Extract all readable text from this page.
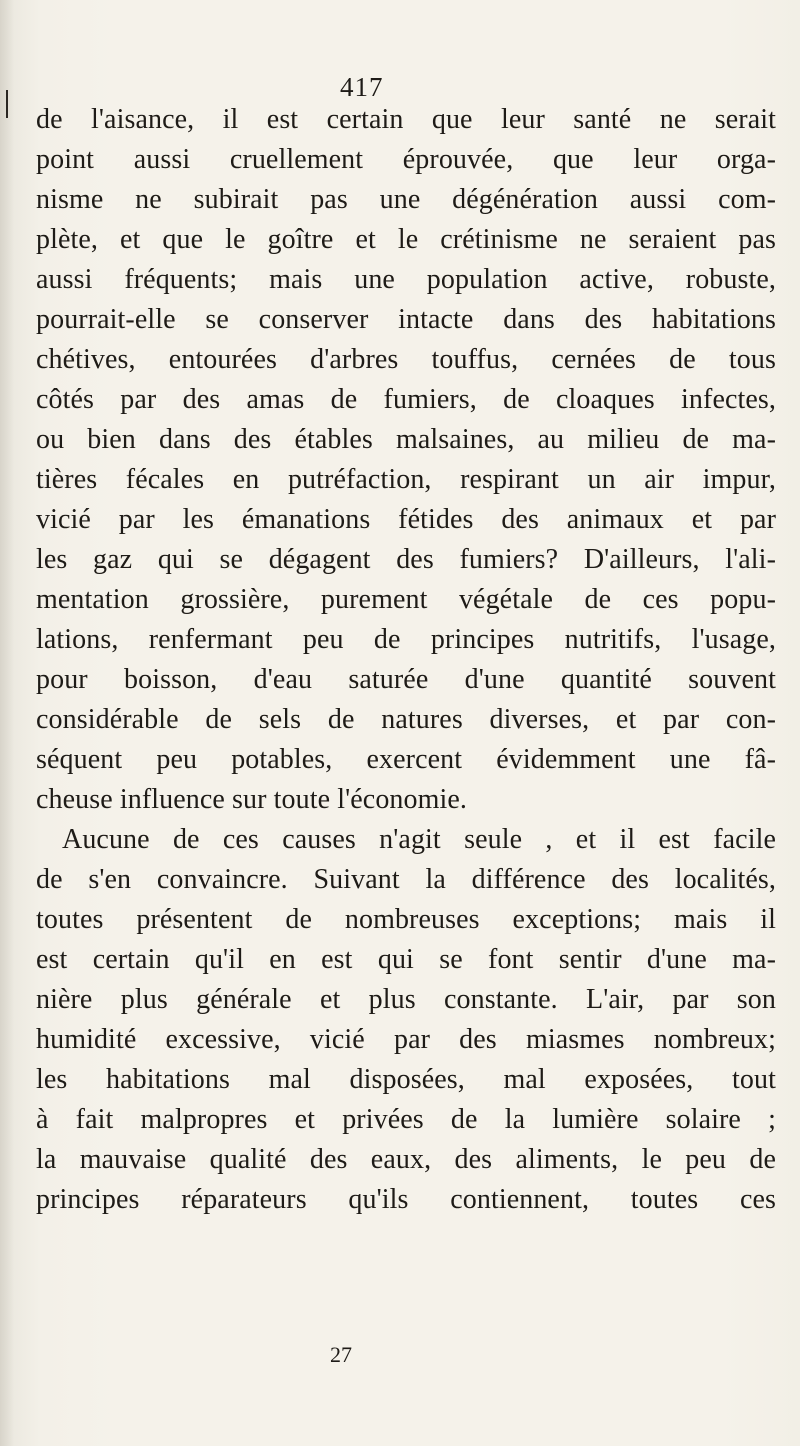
417
de l'aisance, il est certain que leur santé ne serait
point aussi cruellement éprouvée, que leur orga-
nisme ne subirait pas une dégénération aussi com-
plète, et que le goître et le crétinisme ne seraient pas
aussi fréquents; mais une population active, robuste,
pourrait-elle se conserver intacte dans des habitations
chétives, entourées d'arbres touffus, cernées de tous
côtés par des amas de fumiers, de cloaques infectes,
ou bien dans des étables malsaines, au milieu de ma-
tières fécales en putréfaction, respirant un air impur,
vicié par les émanations fétides des animaux et par
les gaz qui se dégagent des fumiers? D'ailleurs, l'ali-
mentation grossière, purement végétale de ces popu-
lations, renfermant peu de principes nutritifs, l'usage,
pour boisson, d'eau saturée d'une quantité souvent
considérable de sels de natures diverses, et par con-
séquent peu potables, exercent évidemment une fâ-
cheuse influence sur toute l'économie.
Aucune de ces causes n'agit seule , et il est facile
de s'en convaincre. Suivant la différence des localités,
toutes présentent de nombreuses exceptions; mais il
est certain qu'il en est qui se font sentir d'une ma-
nière plus générale et plus constante. L'air, par son
humidité excessive, vicié par des miasmes nombreux;
les habitations mal disposées, mal exposées, tout
à fait malpropres et privées de la lumière solaire ;
la mauvaise qualité des eaux, des aliments, le peu de
principes réparateurs qu'ils contiennent, toutes ces
27
